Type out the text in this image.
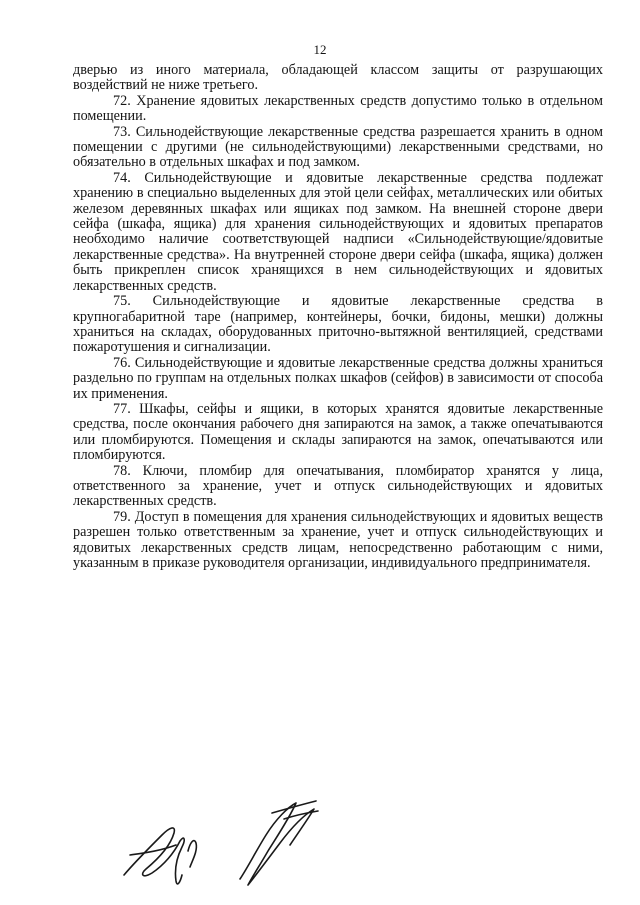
12

дверью из иного материала, обладающей классом защиты от разрушающих воздействий не ниже третьего.

72. Хранение ядовитых лекарственных средств допустимо только в отдельном помещении.

73. Сильнодействующие лекарственные средства разрешается хранить в одном помещении с другими (не сильнодействующими) лекарственными средствами, но обязательно в отдельных шкафах и под замком.

74. Сильнодействующие и ядовитые лекарственные средства подлежат хранению в специально выделенных для этой цели сейфах, металлических или обитых железом деревянных шкафах или ящиках под замком. На внешней стороне двери сейфа (шкафа, ящика) для хранения сильнодействующих и ядовитых препаратов необходимо наличие соответствующей надписи «Сильнодействующие/ядовитые лекарственные средства». На внутренней стороне двери сейфа (шкафа, ящика) должен быть прикреплен список хранящихся в нем сильнодействующих и ядовитых лекарственных средств.

75. Сильнодействующие и ядовитые лекарственные средства в крупногабаритной таре (например, контейнеры, бочки, бидоны, мешки) должны храниться на складах, оборудованных приточно-вытяжной вентиляцией, средствами пожаротушения и сигнализации.

76. Сильнодействующие и ядовитые лекарственные средства должны храниться раздельно по группам на отдельных полках шкафов (сейфов) в зависимости от способа их применения.

77. Шкафы, сейфы и ящики, в которых хранятся ядовитые лекарственные средства, после окончания рабочего дня запираются на замок, а также опечатываются или пломбируются. Помещения и склады запираются на замок, опечатываются или пломбируются.

78. Ключи, пломбир для опечатывания, пломбиратор хранятся у лица, ответственного за хранение, учет и отпуск сильнодействующих и ядовитых лекарственных средств.

79. Доступ в помещения для хранения сильнодействующих и ядовитых веществ разрешен только ответственным за хранение, учет и отпуск сильнодействующих и ядовитых лекарственных средств лицам, непосредственно работающим с ними, указанным в приказе руководителя организации, индивидуального предпринимателя.
